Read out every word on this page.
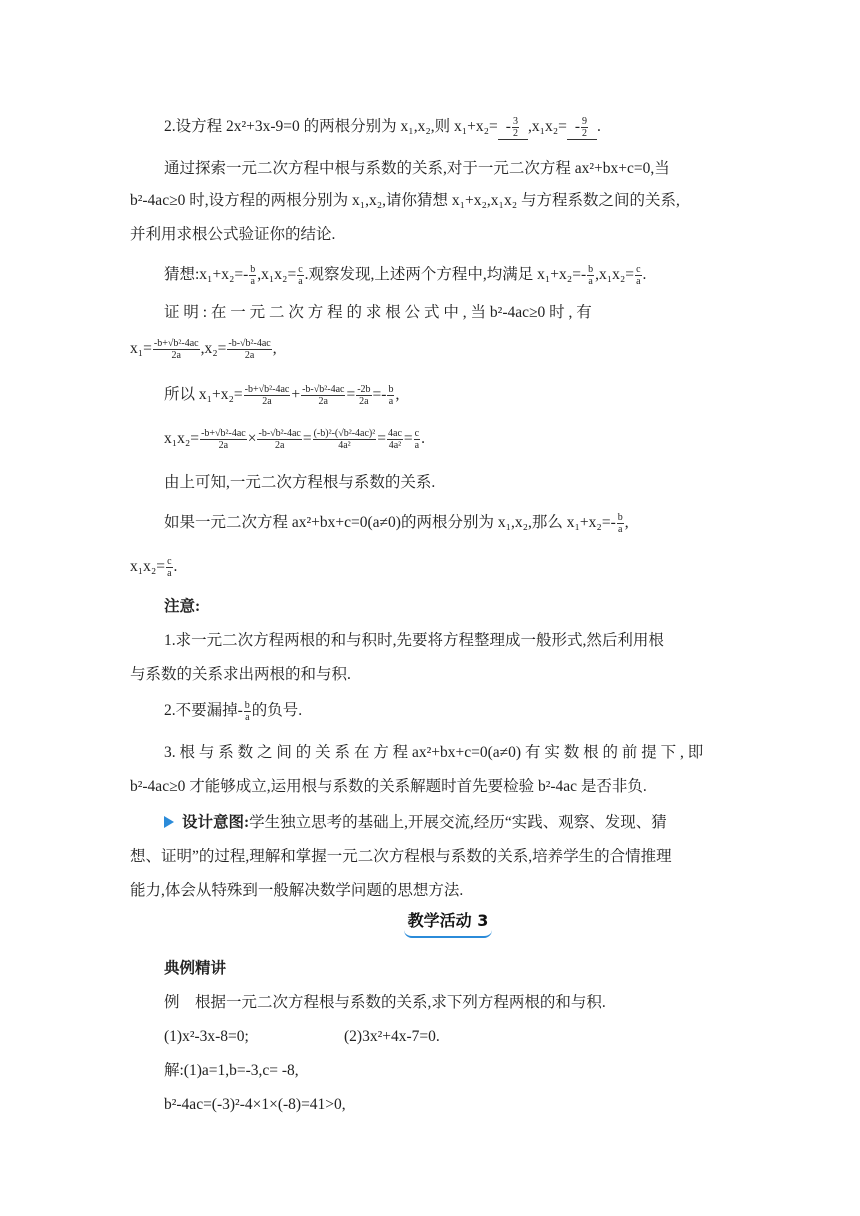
2.设方程 2x²+3x-9=0 的两根分别为 x₁,x₂,则 $x_1+x_2= - \frac{3}{2} ,x_1x_2= - \frac{9}{2}$ .
通过探索一元二次方程中根与系数的关系,对于一元二次方程 ax²+bx+c=0,当
b²-4ac≥0 时,设方程的两根分别为 x₁,x₂,请你猜想 x₁+x₂,x₁x₂ 与方程系数之间的关系,
并利用求根公式验证你的结论.
猜想:x₁+x₂=- $\frac{b}{a} ,x_1x_2= \frac{c}{a}$ .观察发现,上述两个方程中,均满足 $x_1+x_2=- \frac{b}{a} ,x_1x_2= \frac{c}{a}$ .
证 明 : 在 一 元 二 次 方 程 的 求 根 公 式 中 , 当 b²-4ac≥0 时 , 有
$x_1= \frac{\text{-b+√b²-4ac}}{2a} ,x_2= \frac{\text{-b-√b²-4ac}}{2a}$ ,
所以 $x_1+x_2= \frac{\text{-b+√b²-4ac}}{2a} + \frac{\text{-b-√b²-4ac}}{2a} = \frac{-2b}{2a} =- \frac{b}{a}$ ,
$x_1x_2= \frac{\text{-b+√b²-4ac}}{2a} \times \frac{\text{-b-√b²-4ac}}{2a} = \frac{\text{(-b)²-(√b²-4ac)²}}{\text{4a²}} = \frac{4ac}{\text{4a²}} = \frac{c}{a}$ .
由上可知,一元二次方程根与系数的关系.
如果一元二次方程 ax²+bx+c=0(a≠0)的两根分别为 x₁,x₂,那么 $x_1+x_2=- \frac{b}{a}$ ,
$x_1x_2= \frac{c}{a}$ .
注意:
1.求一元二次方程两根的和与积时,先要将方程整理成一般形式,然后利用根
与系数的关系求出两根的和与积.
2.不要漏掉- $\frac{b}{a}$ 的负号.
3. 根 与 系 数 之 间 的 关 系 在 方 程 ax²+bx+c=0(a≠0) 有 实 数 根 的 前 提 下 , 即
b²-4ac≥0 才能够成立,运用根与系数的关系解题时首先要检验 b²-4ac 是否非负.
设计意图:学生独立思考的基础上,开展交流,经历“实践、观察、发现、猜
想、证明”的过程,理解和掌握一元二次方程根与系数的关系,培养学生的合情推理
能力,体会从特殊到一般解决数学问题的思想方法.
教学活动 3
典例精讲
例　根据一元二次方程根与系数的关系,求下列方程两根的和与积.
(1)x²-3x-8=0;	(2)3x²+4x-7=0.
解:(1)a=1,b=-3,c= -8,
b²-4ac=(-3)²-4×1×(-8)=41>0,
